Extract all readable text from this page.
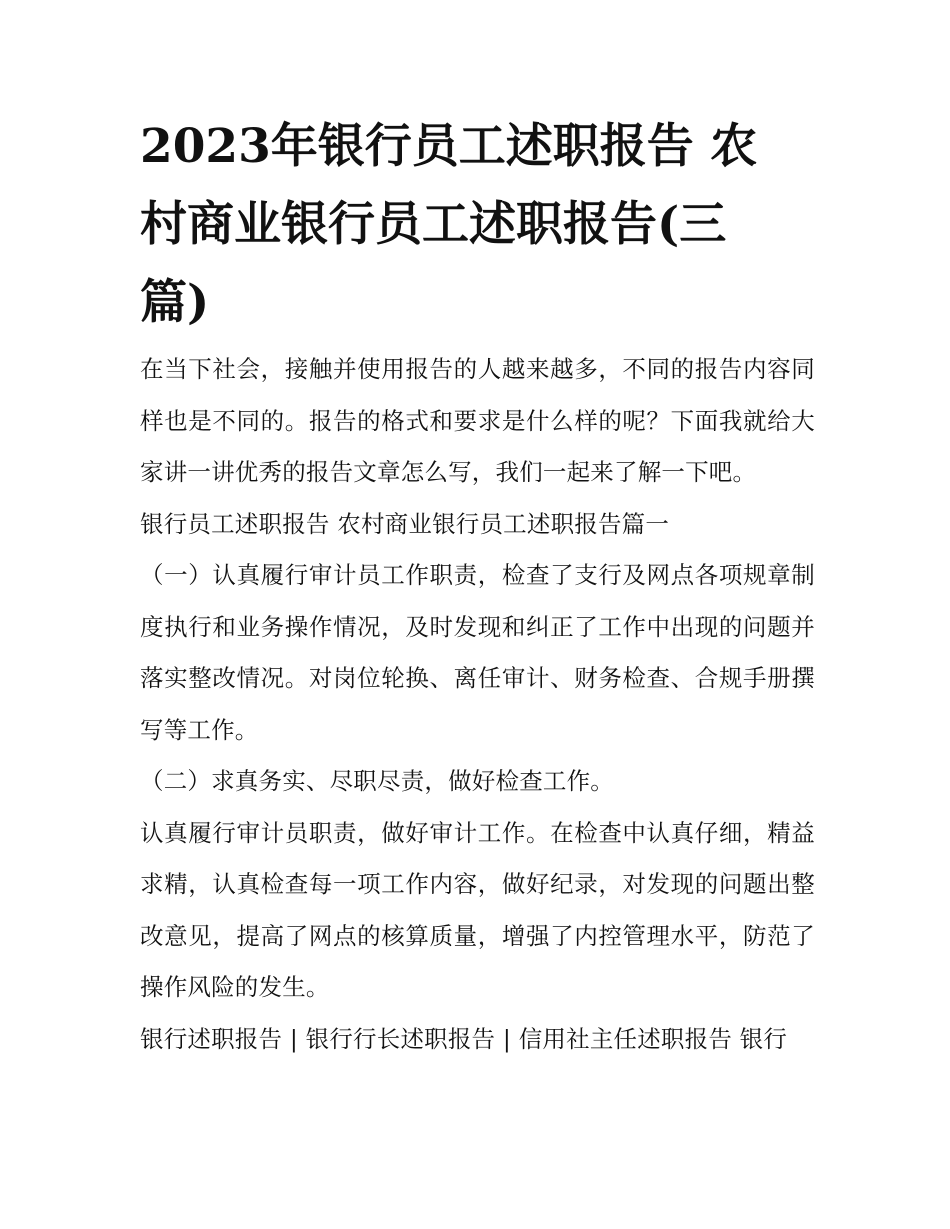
2023年银行员工述职报告 农村商业银行员工述职报告(三篇)

在当下社会，接触并使用报告的人越来越多，不同的报告内容同样也是不同的。报告的格式和要求是什么样的呢？下面我就给大家讲一讲优秀的报告文章怎么写，我们一起来了解一下吧。

银行员工述职报告 农村商业银行员工述职报告篇一

（一）认真履行审计员工作职责，检查了支行及网点各项规章制度执行和业务操作情况，及时发现和纠正了工作中出现的问题并落实整改情况。对岗位轮换、离任审计、财务检查、合规手册撰写等工作。

（二）求真务实、尽职尽责，做好检查工作。

认真履行审计员职责，做好审计工作。在检查中认真仔细，精益求精，认真检查每一项工作内容，做好纪录，对发现的问题出整改意见，提高了网点的核算质量，增强了内控管理水平，防范了操作风险的发生。

银行述职报告 | 银行行长述职报告 | 信用社主任述职报告 银行
